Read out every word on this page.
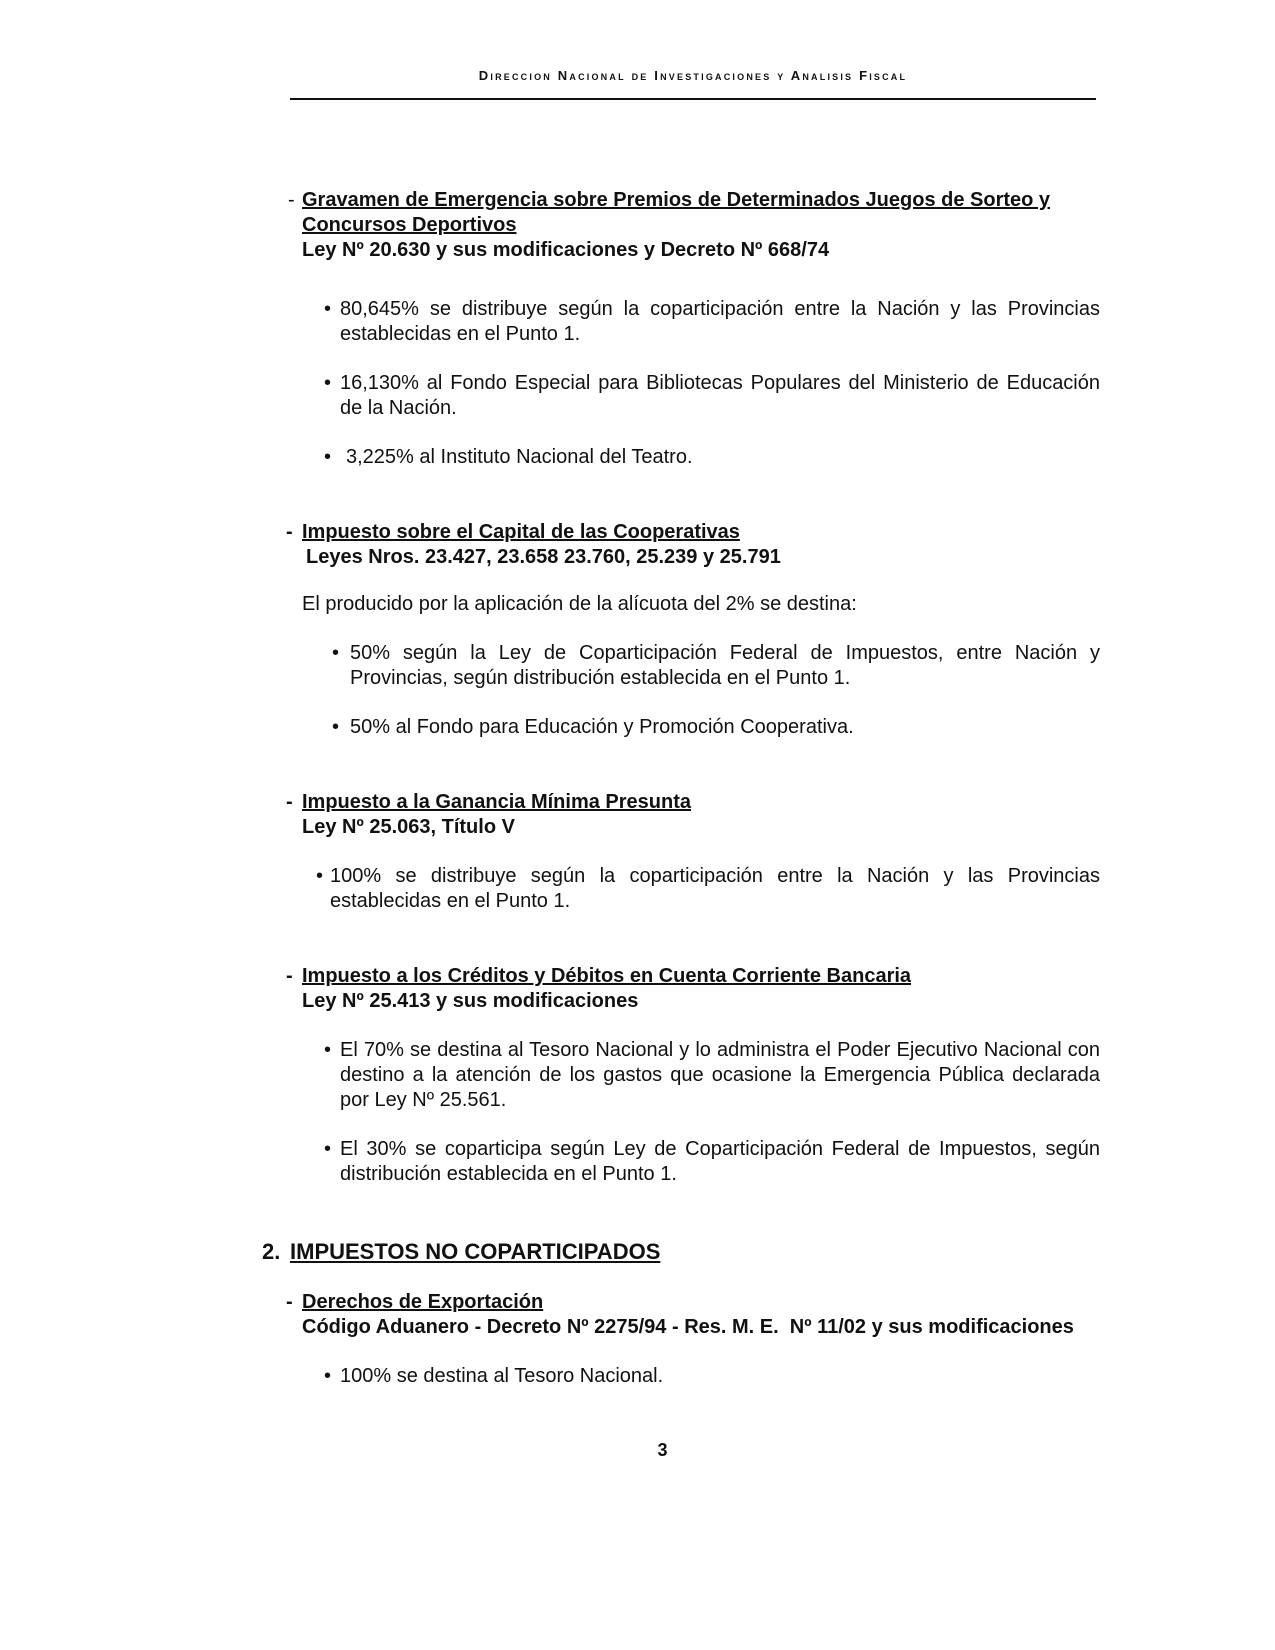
Direccion Nacional de Investigaciones y Analisis Fiscal
- Gravamen de Emergencia sobre Premios de Determinados Juegos de Sorteo y Concursos Deportivos
Ley Nº 20.630 y sus modificaciones y Decreto Nº 668/74
• 80,645% se distribuye según la coparticipación entre la Nación y las Provincias establecidas en el Punto 1.
• 16,130% al Fondo Especial para Bibliotecas Populares del Ministerio de Educación de la Nación.
• 3,225% al Instituto Nacional del Teatro.
- Impuesto sobre el Capital de las Cooperativas
Leyes Nros. 23.427, 23.658 23.760, 25.239 y 25.791
El producido por la aplicación de la alícuota del 2% se destina:
• 50% según la Ley de Coparticipación Federal de Impuestos, entre Nación y Provincias, según distribución establecida en el Punto 1.
• 50% al Fondo para Educación y Promoción Cooperativa.
- Impuesto a la Ganancia Mínima Presunta
Ley Nº 25.063, Título V
• 100% se distribuye según la coparticipación entre la Nación y las Provincias establecidas en el Punto 1.
- Impuesto a los Créditos y Débitos en Cuenta Corriente Bancaria
Ley Nº 25.413 y sus modificaciones
• El 70% se destina al Tesoro Nacional y lo administra el Poder Ejecutivo Nacional con destino a la atención de los gastos que ocasione la Emergencia Pública declarada por Ley Nº 25.561.
• El 30% se coparticipa según Ley de Coparticipación Federal de Impuestos, según distribución establecida en el Punto 1.
2. IMPUESTOS NO COPARTICIPADOS
- Derechos de Exportación
Código Aduanero - Decreto Nº 2275/94 - Res. M. E.  Nº 11/02 y sus modificaciones
• 100% se destina al Tesoro Nacional.
3
